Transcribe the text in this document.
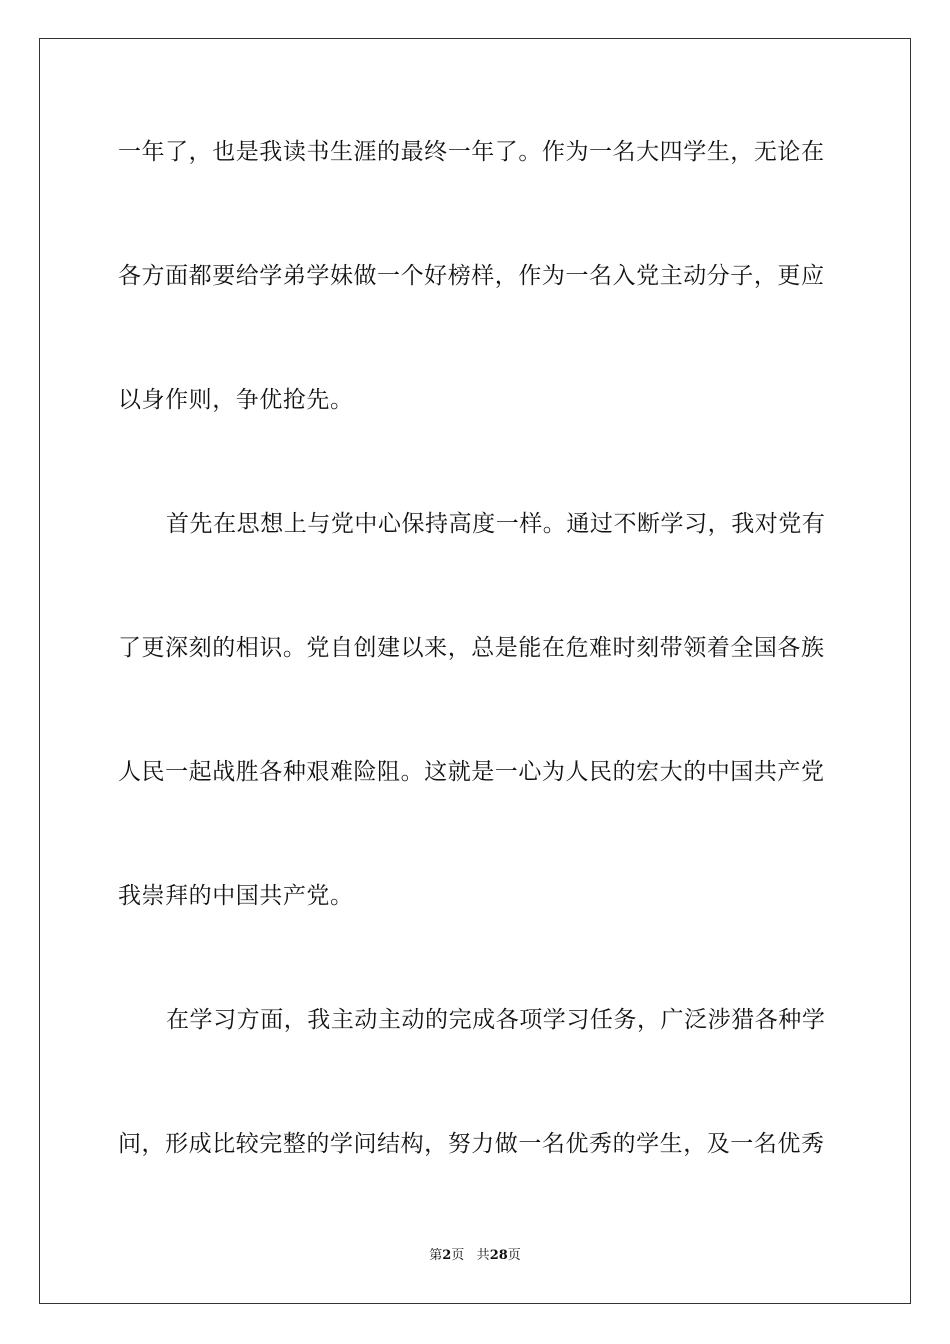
一年了，也是我读书生涯的最终一年了。作为一名大四学生，无论在
各方面都要给学弟学妹做一个好榜样，作为一名入党主动分子，更应
以身作则，争优抢先。
首先在思想上与党中心保持高度一样。通过不断学习，我对党有
了更深刻的相识。党自创建以来，总是能在危难时刻带领着全国各族
人民一起战胜各种艰难险阻。这就是一心为人民的宏大的中国共产党
我崇拜的中国共产党。
在学习方面，我主动主动的完成各项学习任务，广泛涉猎各种学
问，形成比较完整的学问结构，努力做一名优秀的学生，及一名优秀
第2页 共28页
